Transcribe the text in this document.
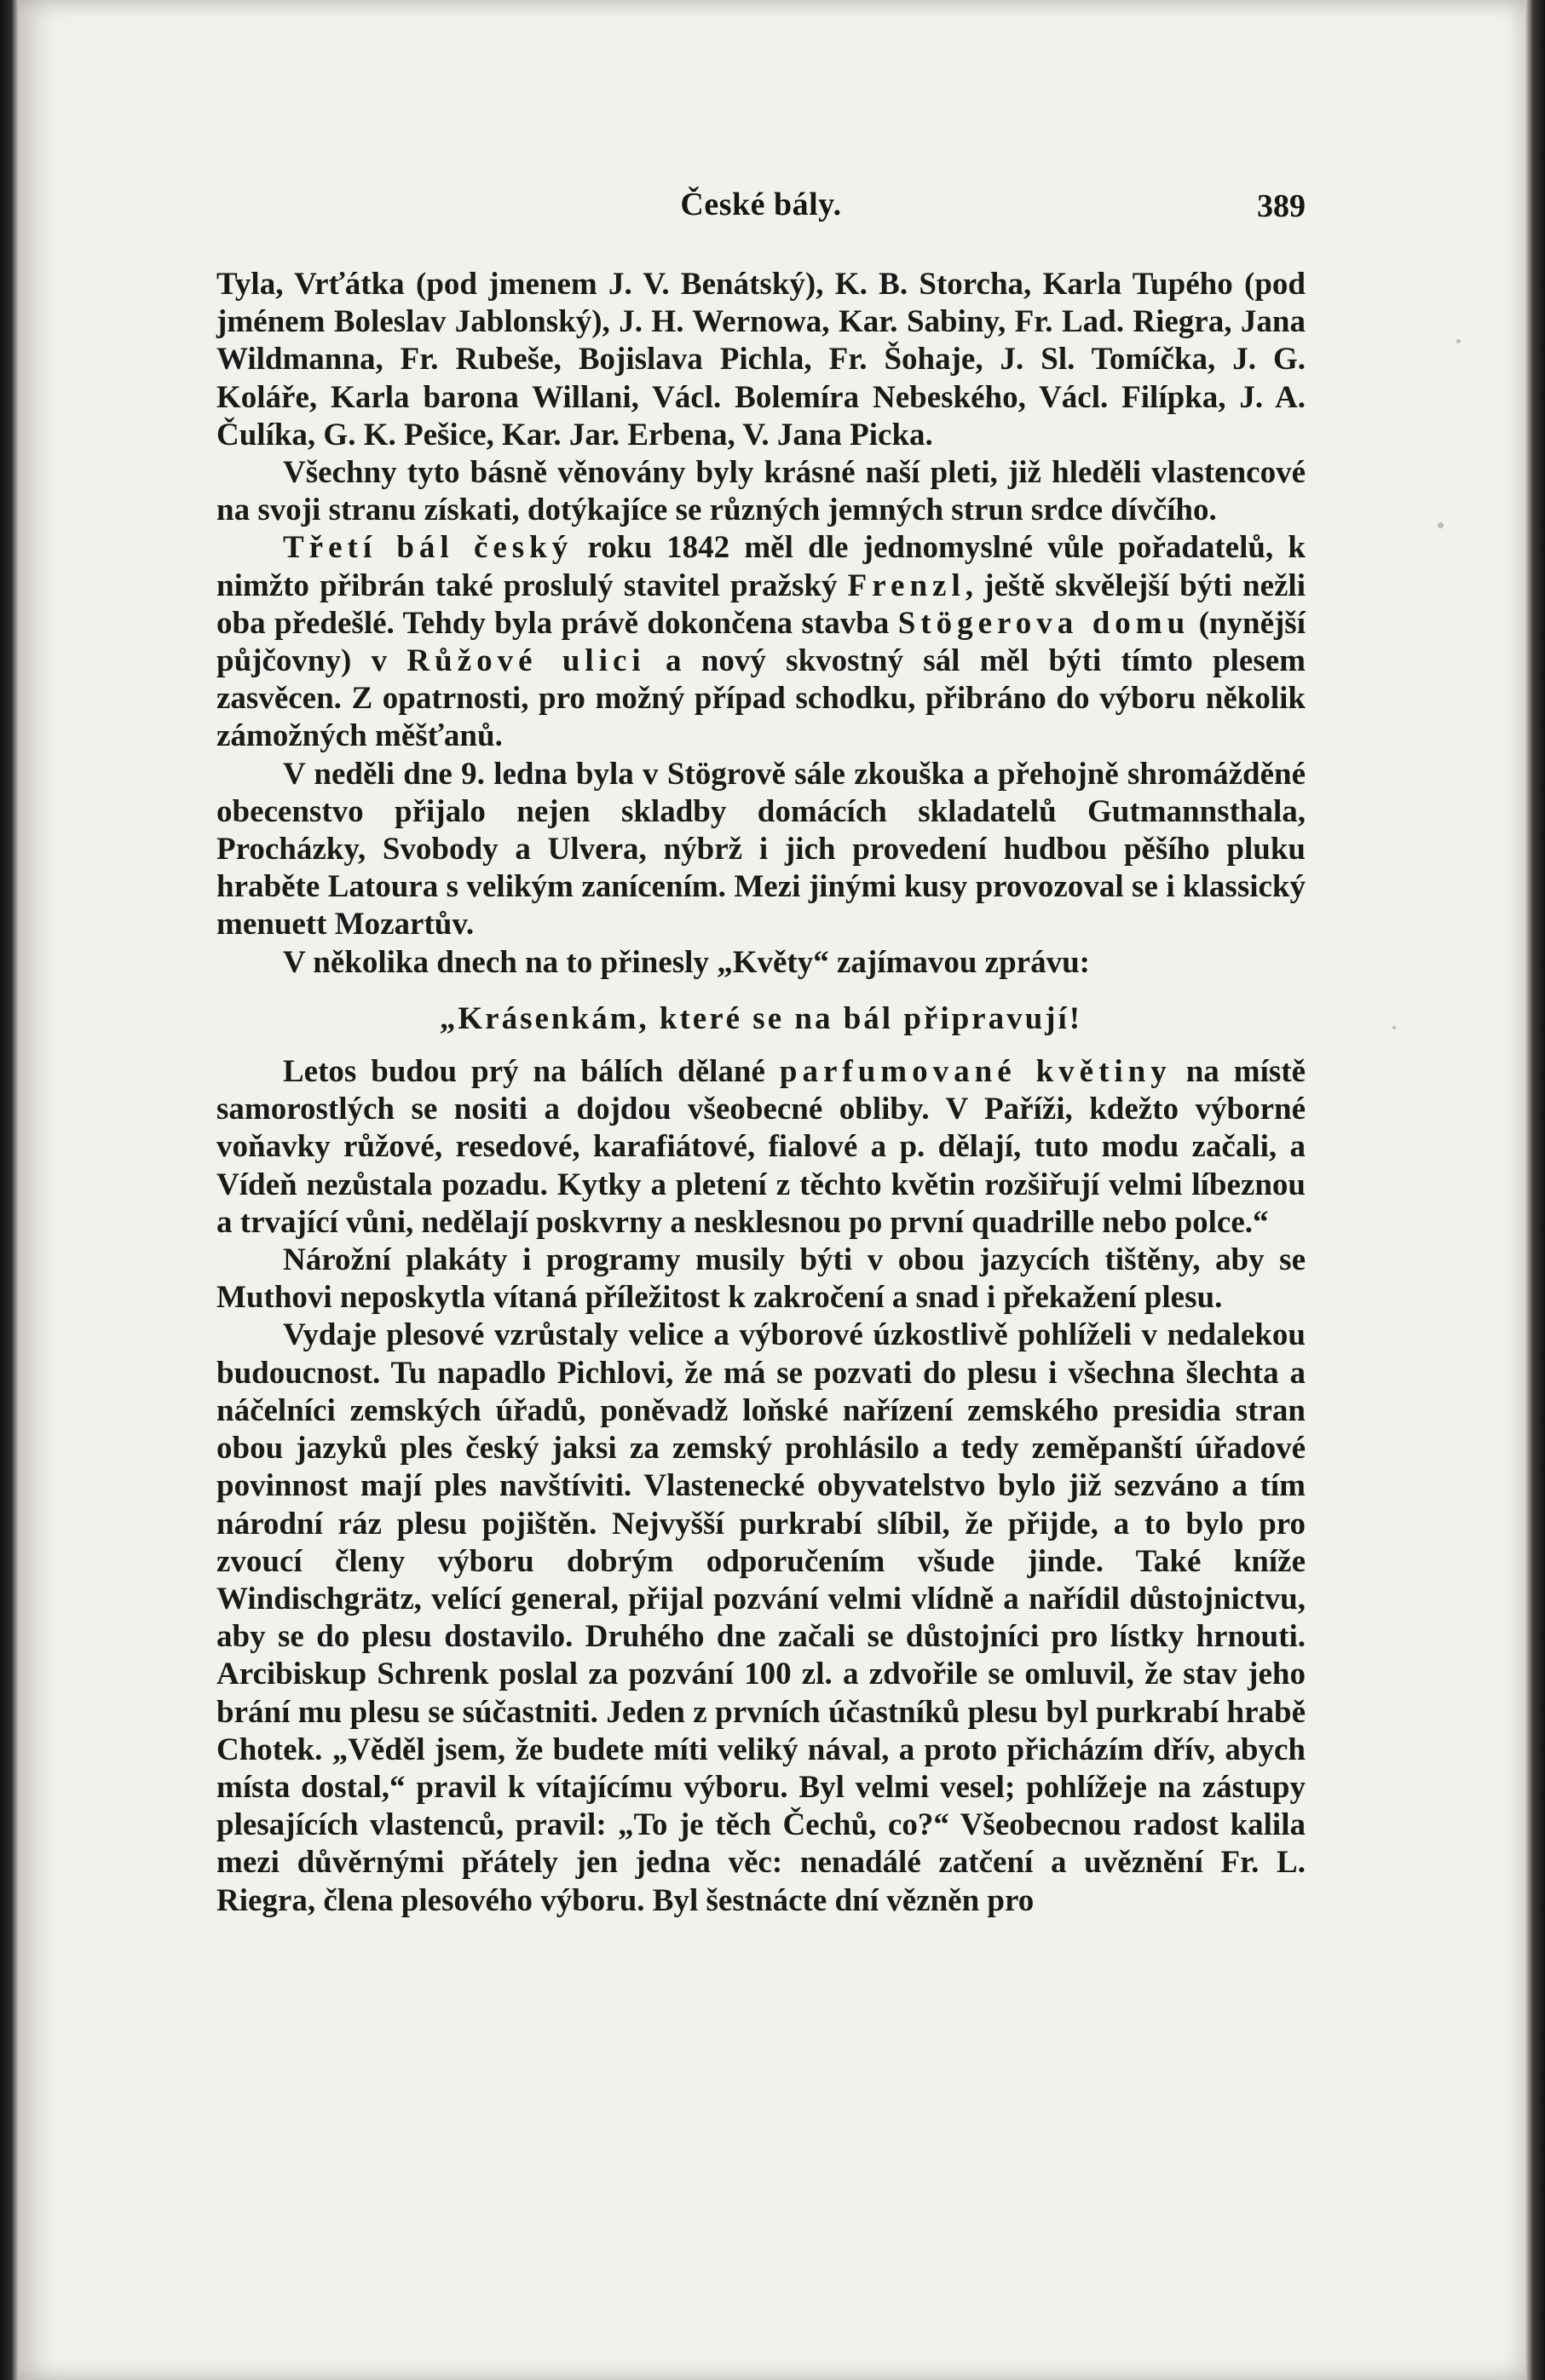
České bály.	389

Tyla, Vrťátka (pod jmenem J. V. Benátský), K. B. Storcha, Karla Tupého (pod jménem Boleslav Jablonský), J. H. Wernowa, Kar. Sabiny, Fr. Lad. Riegra, Jana Wildmanna, Fr. Rubeše, Bojislava Pichla, Fr. Šohaje, J. Sl. Tomíčka, J. G. Koláře, Karla barona Willani, Václ. Bolemíra Nebeského, Václ. Filípka, J. A. Čulíka, G. K. Pešice, Kar. Jar. Erbena, V. Jana Picka.

Všechny tyto básně věnovány byly krásné naší pleti, již hleděli vlastencové na svoji stranu získati, dotýkajíce se různých jemných strun srdce dívčího.

Třetí bál český roku 1842 měl dle jednomyslné vůle pořadatelů, k nimžto přibrán také proslulý stavitel pražský Frenzl, ještě skvělejší býti nežli oba předešlé. Tehdy byla právě dokončena stavba Stögerova domu (nynější půjčovny) v Růžové ulici a nový skvostný sál měl býti tímto plesem zasvěcen. Z opatrnosti, pro možný případ schodku, přibráno do výboru několik zámožných měšťanů.

V neděli dne 9. ledna byla v Stögrově sále zkouška a přehojně shromážděné obecenstvo přijalo nejen skladby domácích skladatelů Gutmannsthala, Procházky, Svobody a Ulvera, nýbrž i jich provedení hudbou pěšího pluku hraběte Latoura s velikým zanícením. Mezi jinými kusy provozoval se i klassický menuett Mozartův.

V několika dnech na to přinesly „Květy“ zajímavou zprávu:

„Krásenkám, které se na bál připravují!

Letos budou prý na bálích dělané parfumované květiny na místě samorostlých se nositi a dojdou všeobecné obliby. V Paříži, kdežto výborné voňavky růžové, resedové, karafiátové, fialové a p. dělají, tuto modu začali, a Vídeň nezůstala pozadu. Kytky a pletení z těchto květin rozšiřují velmi líbeznou a trvající vůni, nedělají poskvrny a nesklesnou po první quadrille nebo polce.“

Nárožní plakáty i programy musily býti v obou jazycích tištěny, aby se Muthovi neposkytla vítaná příležitost k zakročení a snad i překažení plesu.

Vydaje plesové vzrůstaly velice a výborové úzkostlivě pohlíželi v nedalekou budoucnost. Tu napadlo Pichlovi, že má se pozvati do plesu i všechna šlechta a náčelníci zemských úřadů, poněvadž loňské nařízení zemského presidia stran obou jazyků ples český jaksi za zemský prohlásilo a tedy zeměpanští úřadové povinnost mají ples navštíviti. Vlastenecké obyvatelstvo bylo již sezváno a tím národní ráz plesu pojištěn. Nejvyšší purkrabí slíbil, že přijde, a to bylo pro zvoucí členy výboru dobrým odporučením všude jinde. Také kníže Windischgrätz, velící general, přijal pozvání velmi vlídně a nařídil důstojnictvu, aby se do plesu dostavilo. Druhého dne začali se důstojníci pro lístky hrnouti. Arcibiskup Schrenk poslal za pozvání 100 zl. a zdvořile se omluvil, že stav jeho brání mu plesu se súčastniti. Jeden z prvních účastníků plesu byl purkrabí hrabě Chotek. „Věděl jsem, že budete míti veliký nával, a proto přicházím dřív, abych místa dostal,“ pravil k vítajícímu výboru. Byl velmi vesel; pohlížeje na zástupy plesajících vlastenců, pravil: „To je těch Čechů, co?“ Všeobecnou radost kalila mezi důvěrnými přátely jen jedna věc: nenadálé zatčení a uvěznění Fr. L. Riegra, člena plesového výboru. Byl šestnácte dní vězněn pro
